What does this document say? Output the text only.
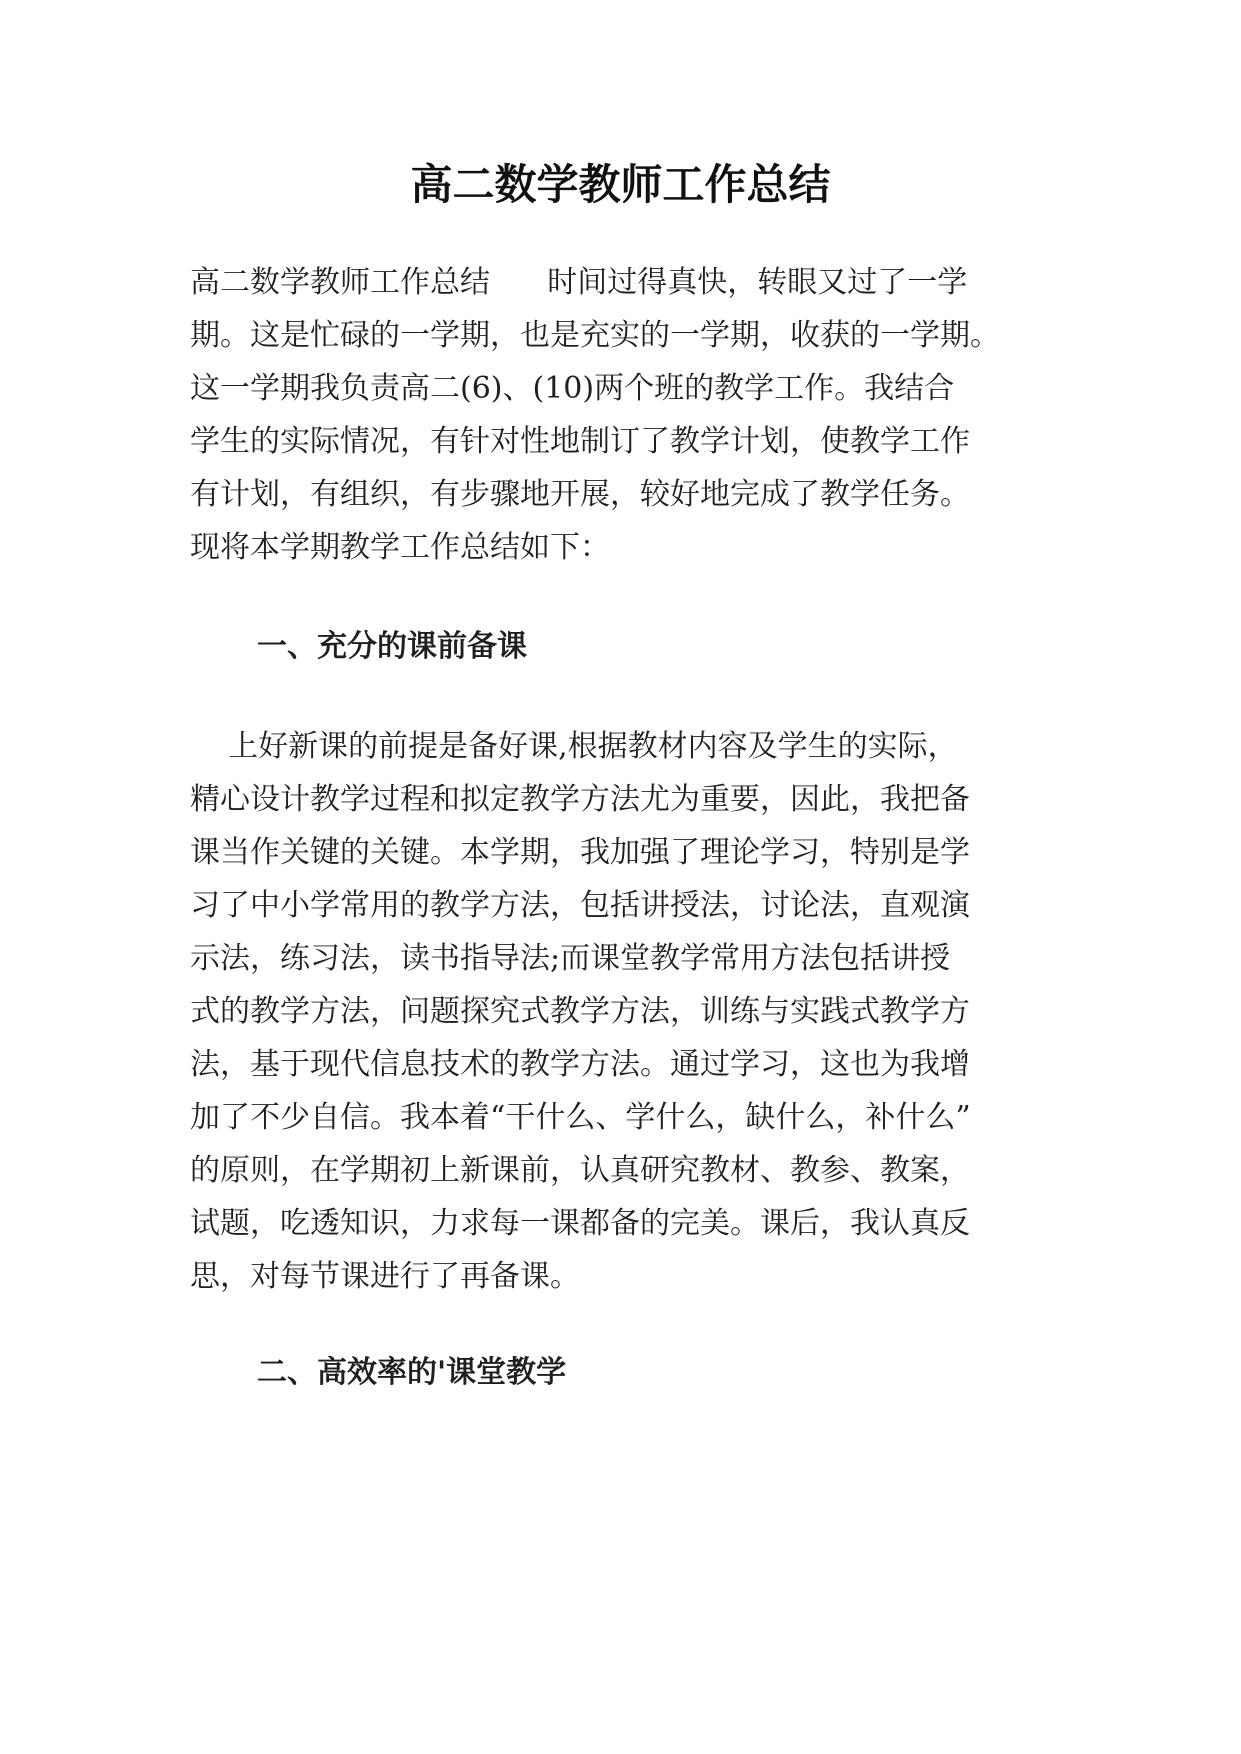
高二数学教师工作总结

高二数学教师工作总结      时间过得真快，转眼又过了一学

期。这是忙碌的一学期，也是充实的一学期，收获的一学期。

这一学期我负责高二(6)、(10)两个班的教学工作。我结合

学生的实际情况，有针对性地制订了教学计划，使教学工作

有计划，有组织，有步骤地开展，较好地完成了教学任务。

现将本学期教学工作总结如下：

一、充分的课前备课

上好新课的前提是备好课,根据教材内容及学生的实际，

精心设计教学过程和拟定教学方法尤为重要，因此，我把备

课当作关键的关键。本学期，我加强了理论学习，特别是学

习了中小学常用的教学方法，包括讲授法，讨论法，直观演

示法，练习法，读书指导法;而课堂教学常用方法包括讲授

式的教学方法，问题探究式教学方法，训练与实践式教学方

法，基于现代信息技术的教学方法。通过学习，这也为我增

加了不少自信。我本着“干什么、学什么，缺什么，补什么”

的原则，在学期初上新课前，认真研究教材、教参、教案，

试题，吃透知识，力求每一课都备的完美。课后，我认真反

思，对每节课进行了再备课。

二、高效率的'课堂教学
